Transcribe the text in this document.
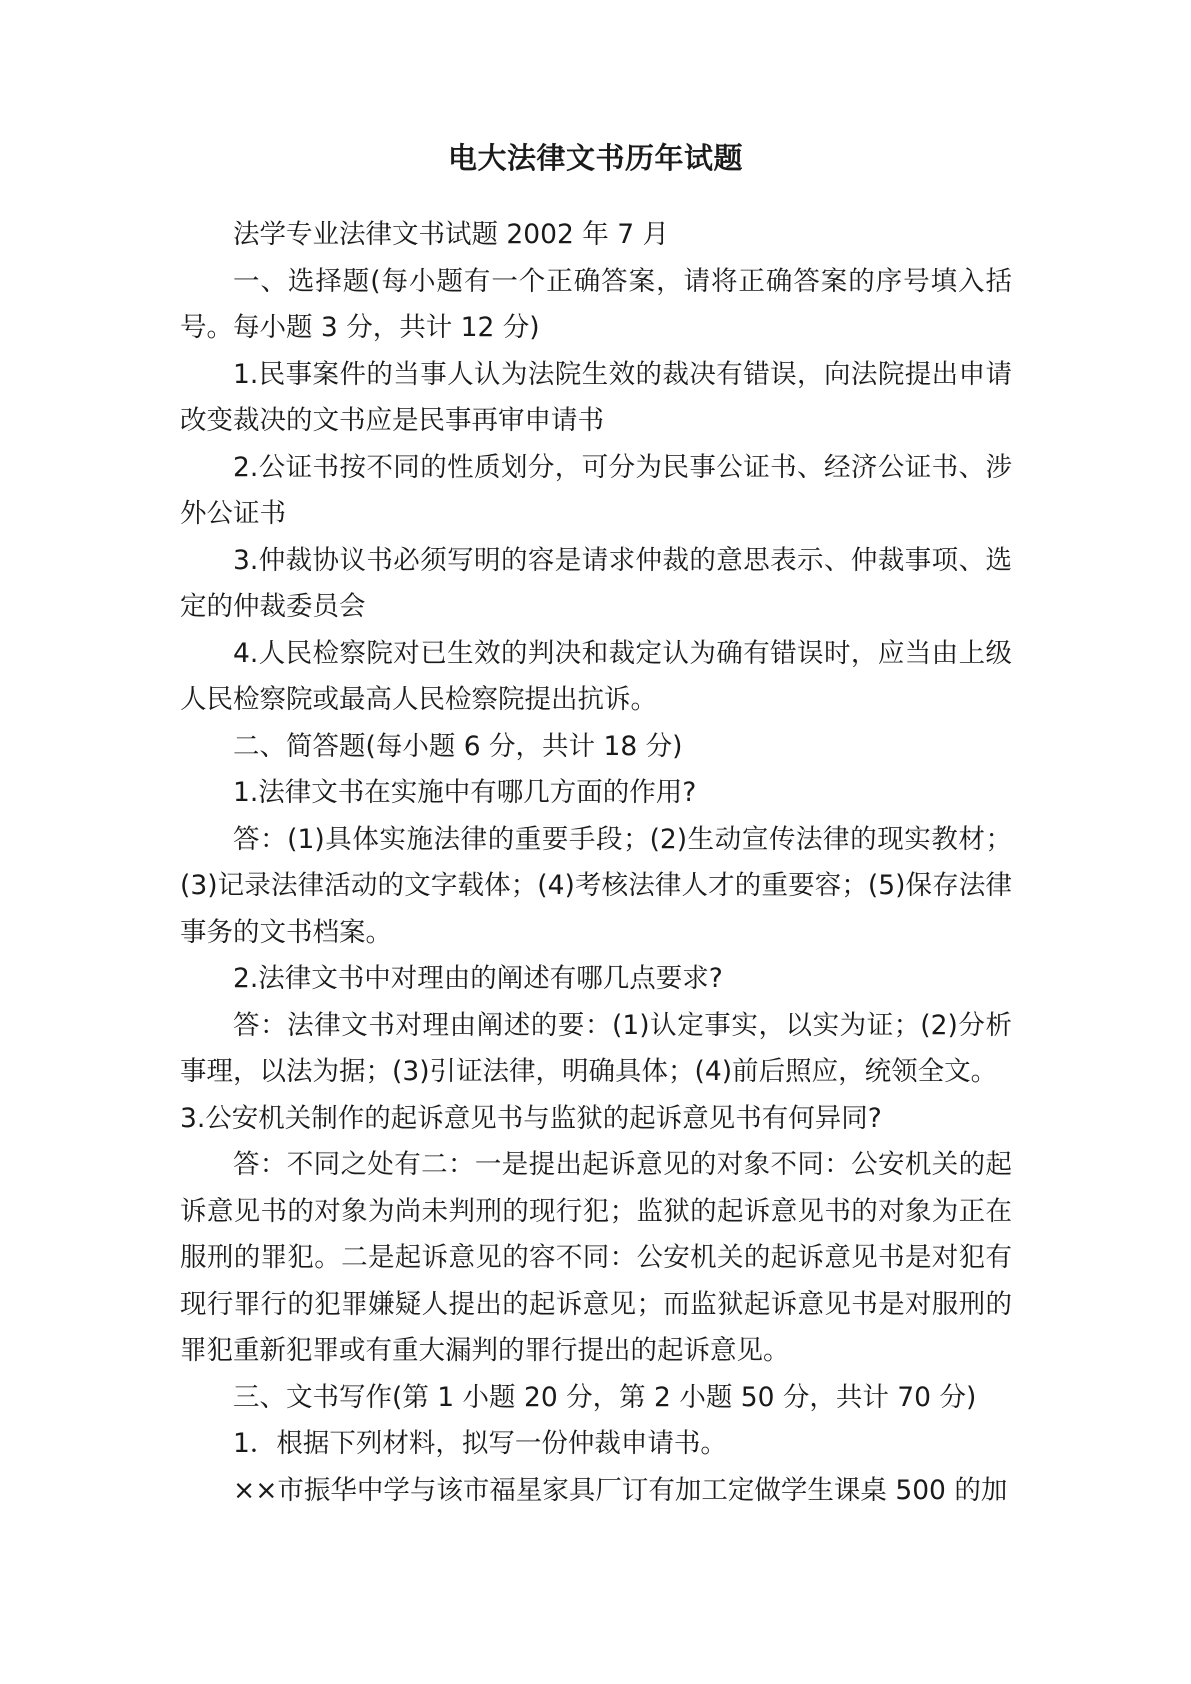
电大法律文书历年试题

法学专业法律文书试题 2002 年 7 月

一、选择题(每小题有一个正确答案，请将正确答案的序号填入括号。每小题 3 分，共计 12 分)

1.民事案件的当事人认为法院生效的裁决有错误，向法院提出申请改变裁决的文书应是民事再审申请书

2.公证书按不同的性质划分，可分为民事公证书、经济公证书、涉外公证书

3.仲裁协议书必须写明的容是请求仲裁的意思表示、仲裁事项、选定的仲裁委员会

4.人民检察院对已生效的判决和裁定认为确有错误时，应当由上级人民检察院或最高人民检察院提出抗诉。

二、简答题(每小题 6 分，共计 18 分)

1.法律文书在实施中有哪几方面的作用?

答：(1)具体实施法律的重要手段；(2)生动宣传法律的现实教材；(3)记录法律活动的文字载体；(4)考核法律人才的重要容；(5)保存法律事务的文书档案。

2.法律文书中对理由的阐述有哪几点要求?

答：法律文书对理由阐述的要：(1)认定事实，以实为证；(2)分析事理，以法为据；(3)引证法律，明确具体；(4)前后照应，统领全文。

3.公安机关制作的起诉意见书与监狱的起诉意见书有何异同?

答：不同之处有二：一是提出起诉意见的对象不同：公安机关的起诉意见书的对象为尚未判刑的现行犯；监狱的起诉意见书的对象为正在服刑的罪犯。二是起诉意见的容不同：公安机关的起诉意见书是对犯有现行罪行的犯罪嫌疑人提出的起诉意见；而监狱起诉意见书是对服刑的罪犯重新犯罪或有重大漏判的罪行提出的起诉意见。

三、文书写作(第 1 小题 20 分，第 2 小题 50 分，共计 70 分)

1．根据下列材料，拟写一份仲裁申请书。

××市振华中学与该市福星家具厂订有加工定做学生课桌 500 的加
